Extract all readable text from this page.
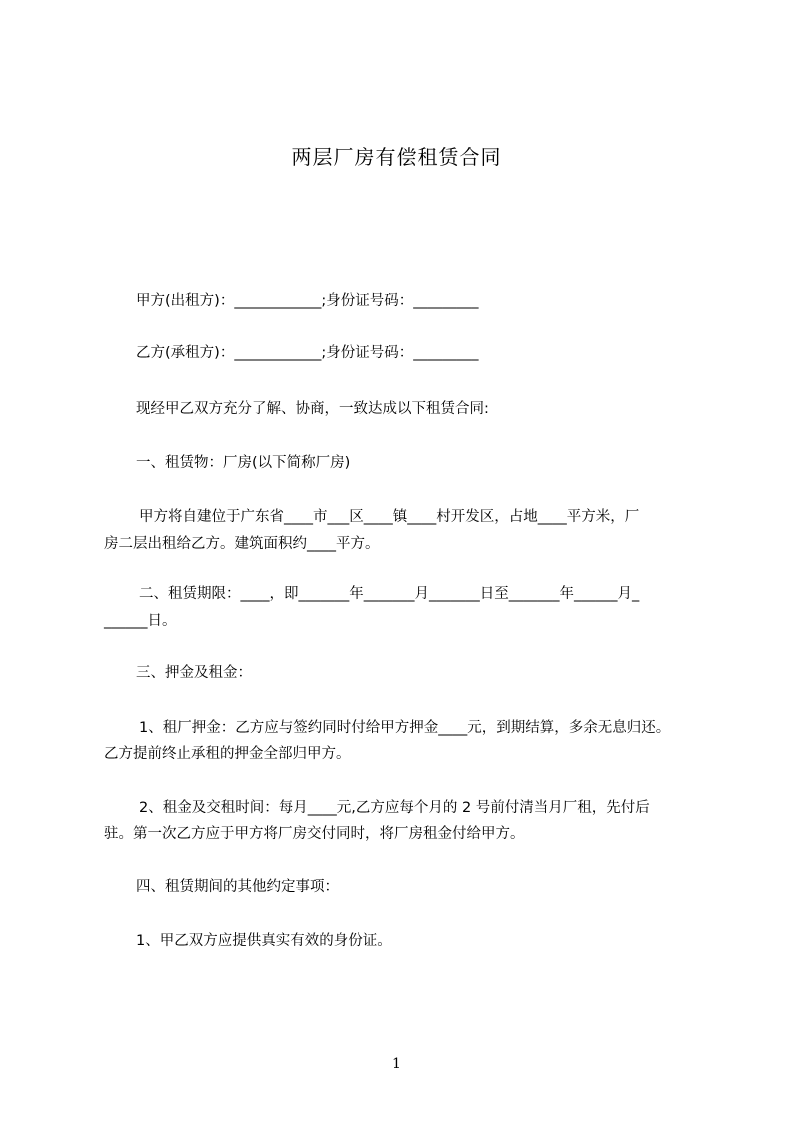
两层厂房有偿租赁合同

甲方(出租方)：____________;身份证号码：_________

乙方(承租方)：____________;身份证号码：_________

现经甲乙双方充分了解、协商，一致达成以下租赁合同:

一、租赁物：厂房(以下简称厂房)

甲方将自建位于广东省____市___区____镇____村开发区，占地____平方米，厂

房二层出租给乙方。建筑面积约____平方。

二、租赁期限：____，即_______年_______月_______日至_______年______月_

______日。

三、押金及租金：

1、租厂押金：乙方应与签约同时付给甲方押金____元，到期结算，多余无息归还。

乙方提前终止承租的押金全部归甲方。

2、租金及交租时间：每月____元,乙方应每个月的 2 号前付清当月厂租，先付后

驻。第一次乙方应于甲方将厂房交付同时，将厂房租金付给甲方。

四、租赁期间的其他约定事项：

1、甲乙双方应提供真实有效的身份证。

1
